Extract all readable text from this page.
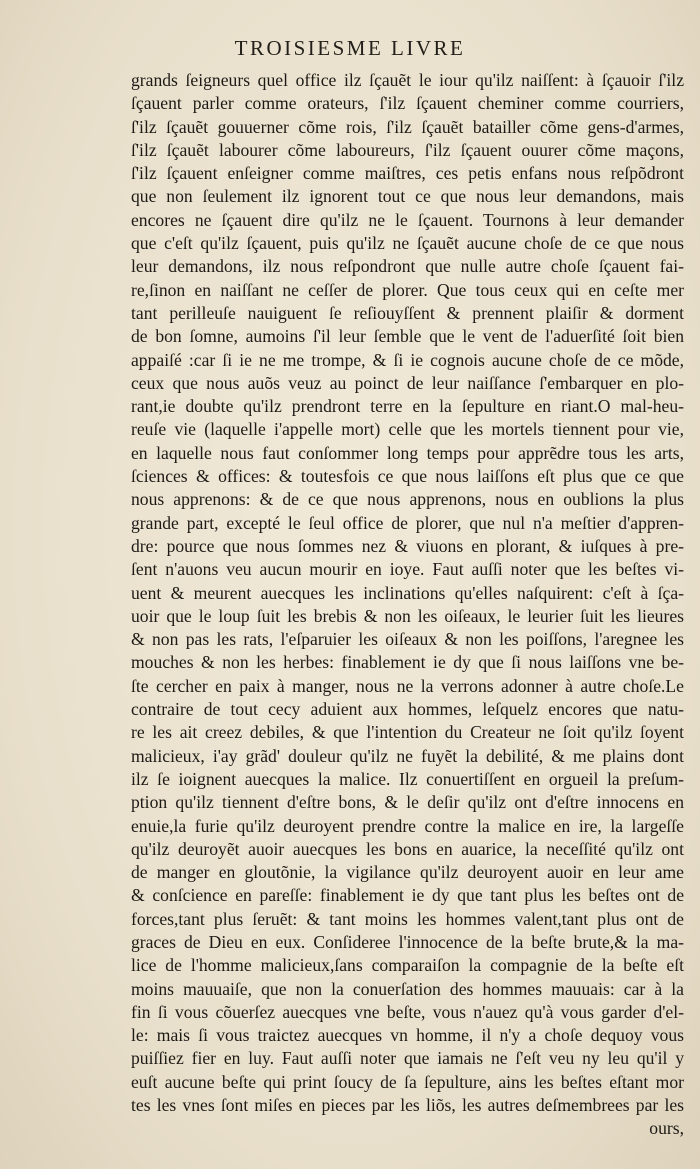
TROISIESME LIVRE
grands ſeigneurs quel office ilz ſçauẽt le iour qu'ilz naiſſent: à ſçauoir ſ'ilz
ſçauent parler comme orateurs, ſ'ilz ſçauent cheminer comme courriers,
ſ'ilz ſçauẽt gouuerner cõme rois, ſ'ilz ſçauẽt batailler cõme gens-d'armes,
ſ'ilz ſçauẽt labourer cõme laboureurs, ſ'ilz ſçauent ouurer cõme maçons,
ſ'ilz ſçauent enſeigner comme maiſtres, ces petis enfans nous reſpõdront
que non ſeulement ilz ignorent tout ce que nous leur demandons, mais
encores ne ſçauent dire qu'ilz ne le ſçauent. Tournons à leur demander
que c'eſt qu'ilz ſçauent, puis qu'ilz ne ſçauẽt aucune choſe de ce que nous
leur demandons, ilz nous reſpondront que nulle autre choſe ſçauent fai-
re,ſinon en naiſſant ne ceſſer de plorer. Que tous ceux qui en ceſte mer
tant perilleuſe nauiguent ſe reſiouyſſent & prennent plaiſir & dorment
de bon ſomne, aumoins ſ'il leur ſemble que le vent de l'aduerſité ſoit bien
appaiſé :car ſi ie ne me trompe, & ſi ie cognois aucune choſe de ce mõde,
ceux que nous auõs veuz au poinct de leur naiſſance ſ'embarquer en plo-
rant,ie doubte qu'ilz prendront terre en la ſepulture en riant.O mal-heu-
reuſe vie (laquelle i'appelle mort) celle que les mortels tiennent pour vie,
en laquelle nous faut conſommer long temps pour apprẽdre tous les arts,
ſciences & offices: & toutesfois ce que nous laiſſons eſt plus que ce que
nous apprenons: & de ce que nous apprenons, nous en oublions la plus
grande part, excepté le ſeul office de plorer, que nul n'a meſtier d'appren-
dre: pource que nous ſommes nez & viuons en plorant, & iuſques à pre-
ſent n'auons veu aucun mourir en ioye. Faut auſſi noter que les beſtes vi-
uent & meurent auecques les inclinations qu'elles naſquirent: c'eſt à ſça-
uoir que le loup ſuit les brebis & non les oiſeaux, le leurier ſuit les lieures
& non pas les rats, l'eſparuier les oiſeaux & non les poiſſons, l'aregnee les
mouches & non les herbes: finablement ie dy que ſi nous laiſſons vne be-
ſte cercher en paix à manger, nous ne la verrons adonner à autre choſe.Le
contraire de tout cecy aduient aux hommes, leſquelz encores que natu-
re les ait creez debiles, & que l'intention du Createur ne ſoit qu'ilz ſoyent
malicieux, i'ay grãd' douleur qu'ilz ne fuyẽt la debilité, & me plains dont
ilz ſe ioignent auecques la malice. Ilz conuertiſſent en orgueil la preſum-
ption qu'ilz tiennent d'eſtre bons, & le deſir qu'ilz ont d'eſtre innocens en
enuie,la furie qu'ilz deuroyent prendre contre la malice en ire, la largeſſe
qu'ilz deuroyẽt auoir auecques les bons en auarice, la neceſſité qu'ilz ont
de manger en gloutõnie, la vigilance qu'ilz deuroyent auoir en leur ame
& conſcience en pareſſe: finablement ie dy que tant plus les beſtes ont de
forces,tant plus ſeruẽt: & tant moins les hommes valent,tant plus ont de
graces de Dieu en eux. Conſideree l'innocence de la beſte brute,& la ma-
lice de l'homme malicieux,ſans comparaiſon la compagnie de la beſte eſt
moins mauuaiſe, que non la conuerſation des hommes mauuais: car à la
fin ſi vous cõuerſez auecques vne beſte, vous n'auez qu'à vous garder d'el-
le: mais ſi vous traictez auecques vn homme, il n'y a choſe dequoy vous
puiſſiez fier en luy. Faut auſſi noter que iamais ne ſ'eſt veu ny leu qu'il y
euſt aucune beſte qui print ſoucy de ſa ſepulture, ains les beſtes eſtant mor
tes les vnes ſont miſes en pieces par les liõs, les autres deſmembrees par les
ours,
